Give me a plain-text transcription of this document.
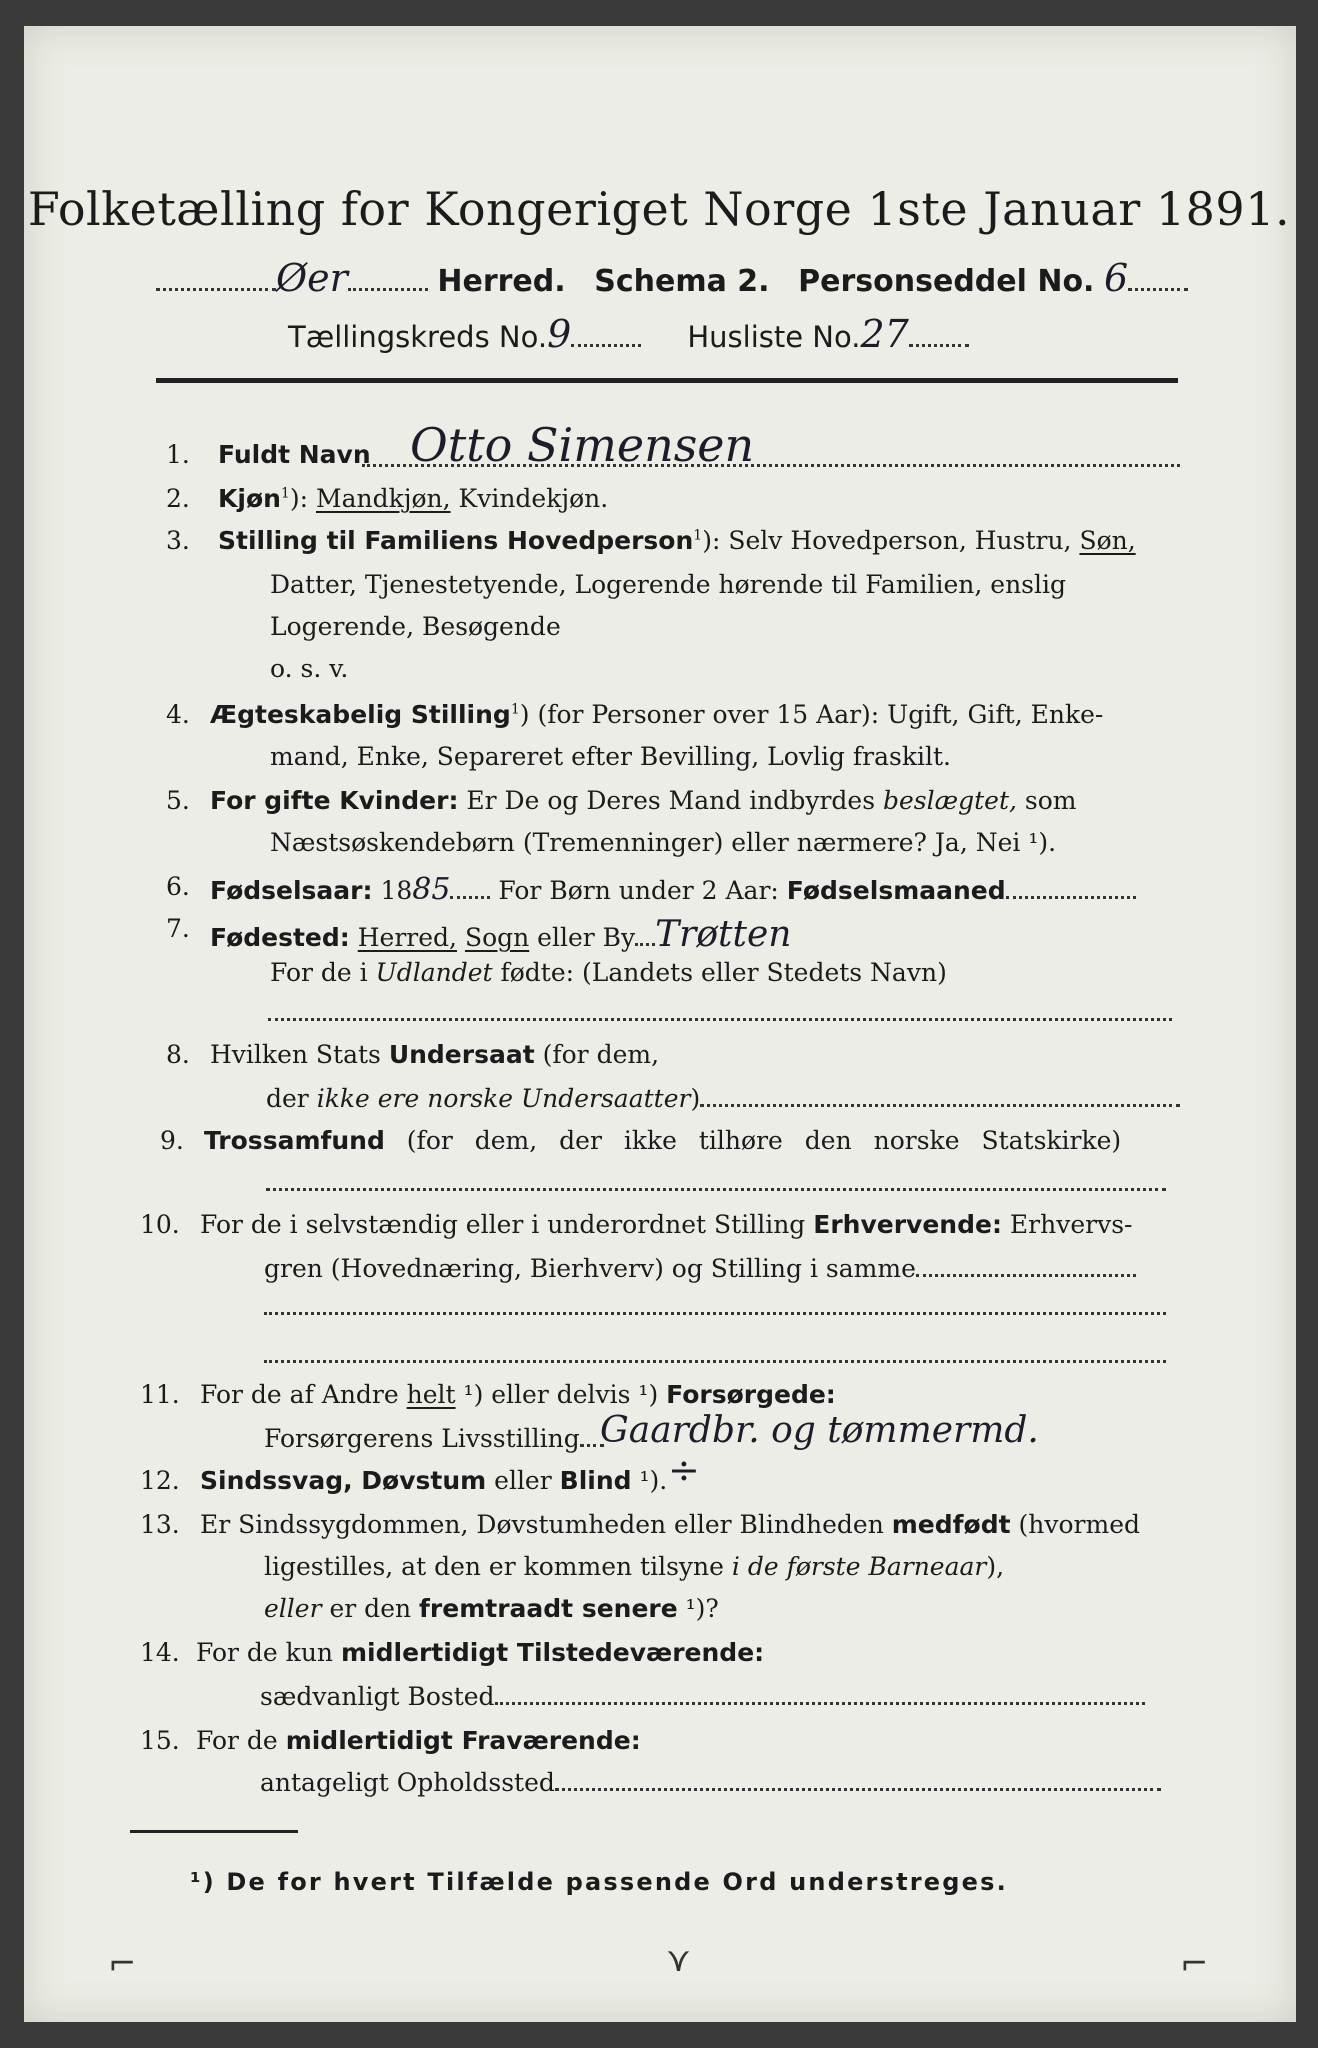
Folketælling for Kongeriget Norge 1ste Januar 1891.
Øer	Herred. Schema 2. Personseddel No. 6
Tællingskreds No.9	Husliste No.27
1. Fuldt Navn Otto Simensen
2. Kjøn$^1$): Mandkjøn, Kvindekjøn.
3. Stilling til Familiens Hovedperson$^1$): Selv Hovedperson, Hustru, Søn,
Datter, Tjenestetyende, Logerende hørende til Familien, enslig
Logerende, Besøgende
o. s. v.
4. Ægteskabelig Stilling$^1$) (for Personer over 15 Aar): Ugift, Gift, Enke-
mand, Enke, Separeret efter Bevilling, Lovlig fraskilt.
5. For gifte Kvinder: Er De og Deres Mand indbyrdes beslægtet, som
Næstsøskendebørn (Tremenninger) eller nærmere? Ja, Nei ¹).
6. Fødselsaar: 1885 For Børn under 2 Aar: Fødselsmaaned
7. Fødested: Herred, Sogn eller By Trøtten
For de i Udlandet fødte: (Landets eller Stedets Navn)
8. Hvilken Stats Undersaat (for dem,
der ikke ere norske Undersaatter)
9. Trossamfund (for dem, der ikke tilhøre den norske Statskirke)
10. For de i selvstændig eller i underordnet Stilling Erhvervende: Erhvervs-
gren (Hovednæring, Bierhverv) og Stilling i samme
11. For de af Andre helt ¹) eller delvis ¹) Forsørgede:
Forsørgerens Livsstilling Gaardbr. og tømmermd.
12. Sindssvag, Døvstum eller Blind ¹). ÷
13. Er Sindssygdommen, Døvstumheden eller Blindheden medfødt (hvormed
ligestilles, at den er kommen tilsyne i de første Barneaar),
eller er den fremtraadt senere ¹)?
14. For de kun midlertidigt Tilstedeværende:
sædvanligt Bosted
15. For de midlertidigt Fraværende:
antageligt Opholdssted
¹) De for hvert Tilfælde passende Ord understreges.
⌐	⋎	⌐
